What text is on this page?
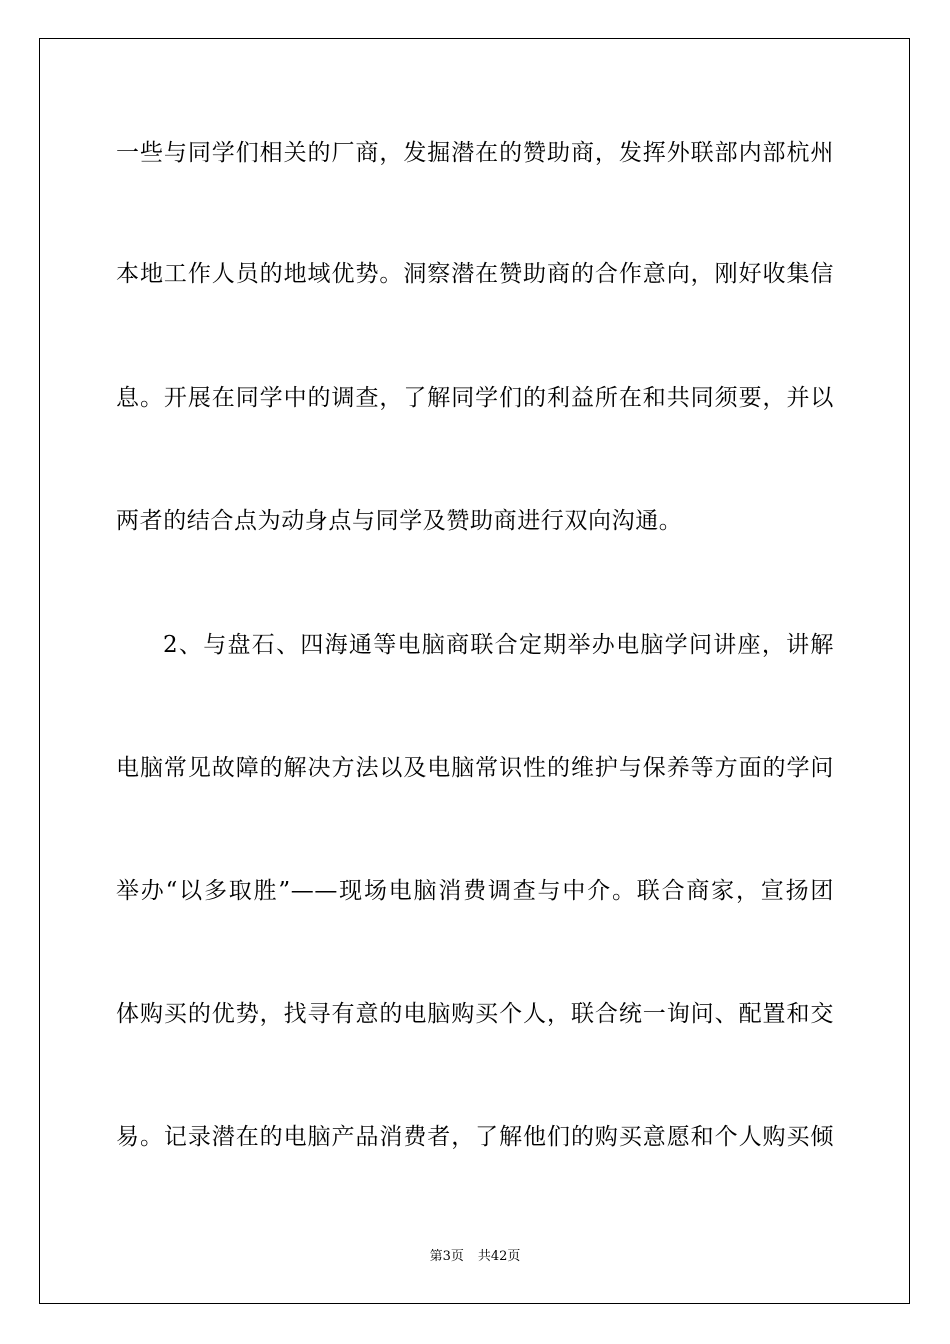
一些与同学们相关的厂商，发掘潜在的赞助商，发挥外联部内部杭州
本地工作人员的地域优势。洞察潜在赞助商的合作意向，刚好收集信
息。开展在同学中的调查，了解同学们的利益所在和共同须要，并以
两者的结合点为动身点与同学及赞助商进行双向沟通。
2、与盘石、四海通等电脑商联合定期举办电脑学问讲座，讲解
电脑常见故障的解决方法以及电脑常识性的维护与保养等方面的学问
举办“以多取胜”——现场电脑消费调查与中介。联合商家，宣扬团
体购买的优势，找寻有意的电脑购买个人，联合统一询问、配置和交
易。记录潜在的电脑产品消费者，了解他们的购买意愿和个人购买倾
第3页 共42页
